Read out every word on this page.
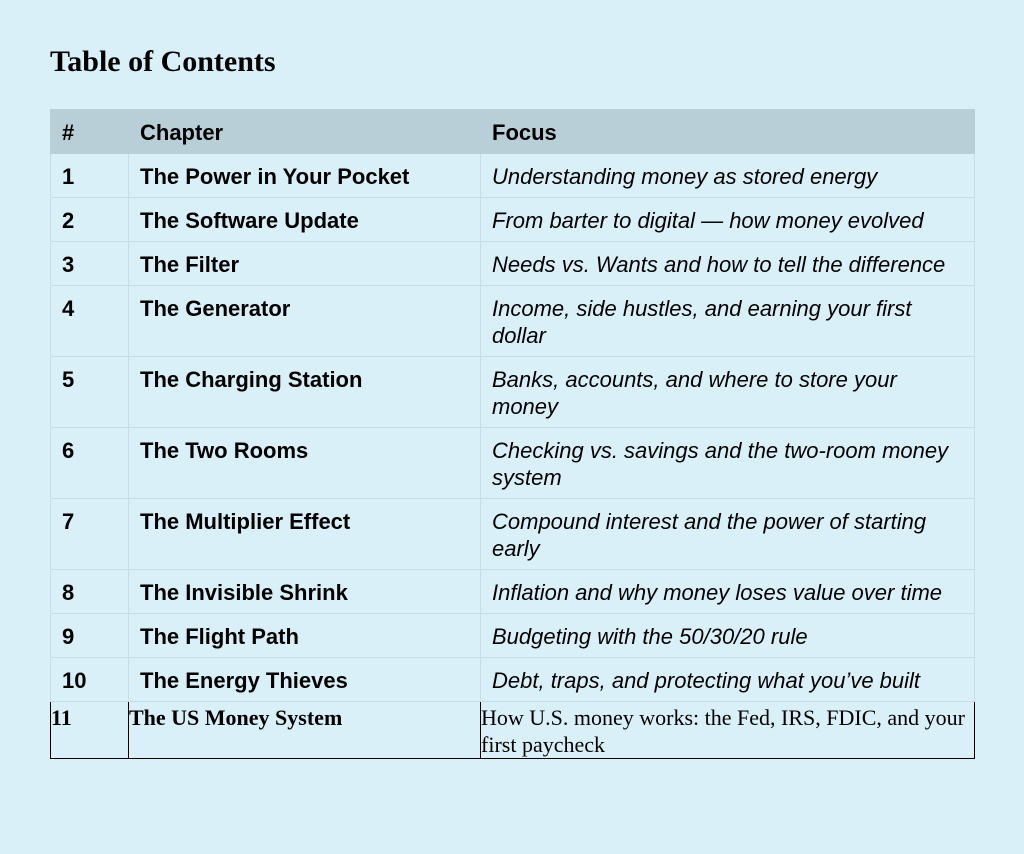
Table of Contents
#	Chapter	Focus
1	The Power in Your Pocket	Understanding money as stored energy
2	The Software Update	From barter to digital — how money evolved
3	The Filter	Needs vs. Wants and how to tell the difference
4	The Generator	Income, side hustles, and earning your first dollar
5	The Charging Station	Banks, accounts, and where to store your money
6	The Two Rooms	Checking vs. savings and the two-room money system
7	The Multiplier Effect	Compound interest and the power of starting early
8	The Invisible Shrink	Inflation and why money loses value over time
9	The Flight Path	Budgeting with the 50/30/20 rule
10	The Energy Thieves	Debt, traps, and protecting what you’ve built
11	The US Money System	How U.S. money works: the Fed, IRS, FDIC, and your first paycheck
